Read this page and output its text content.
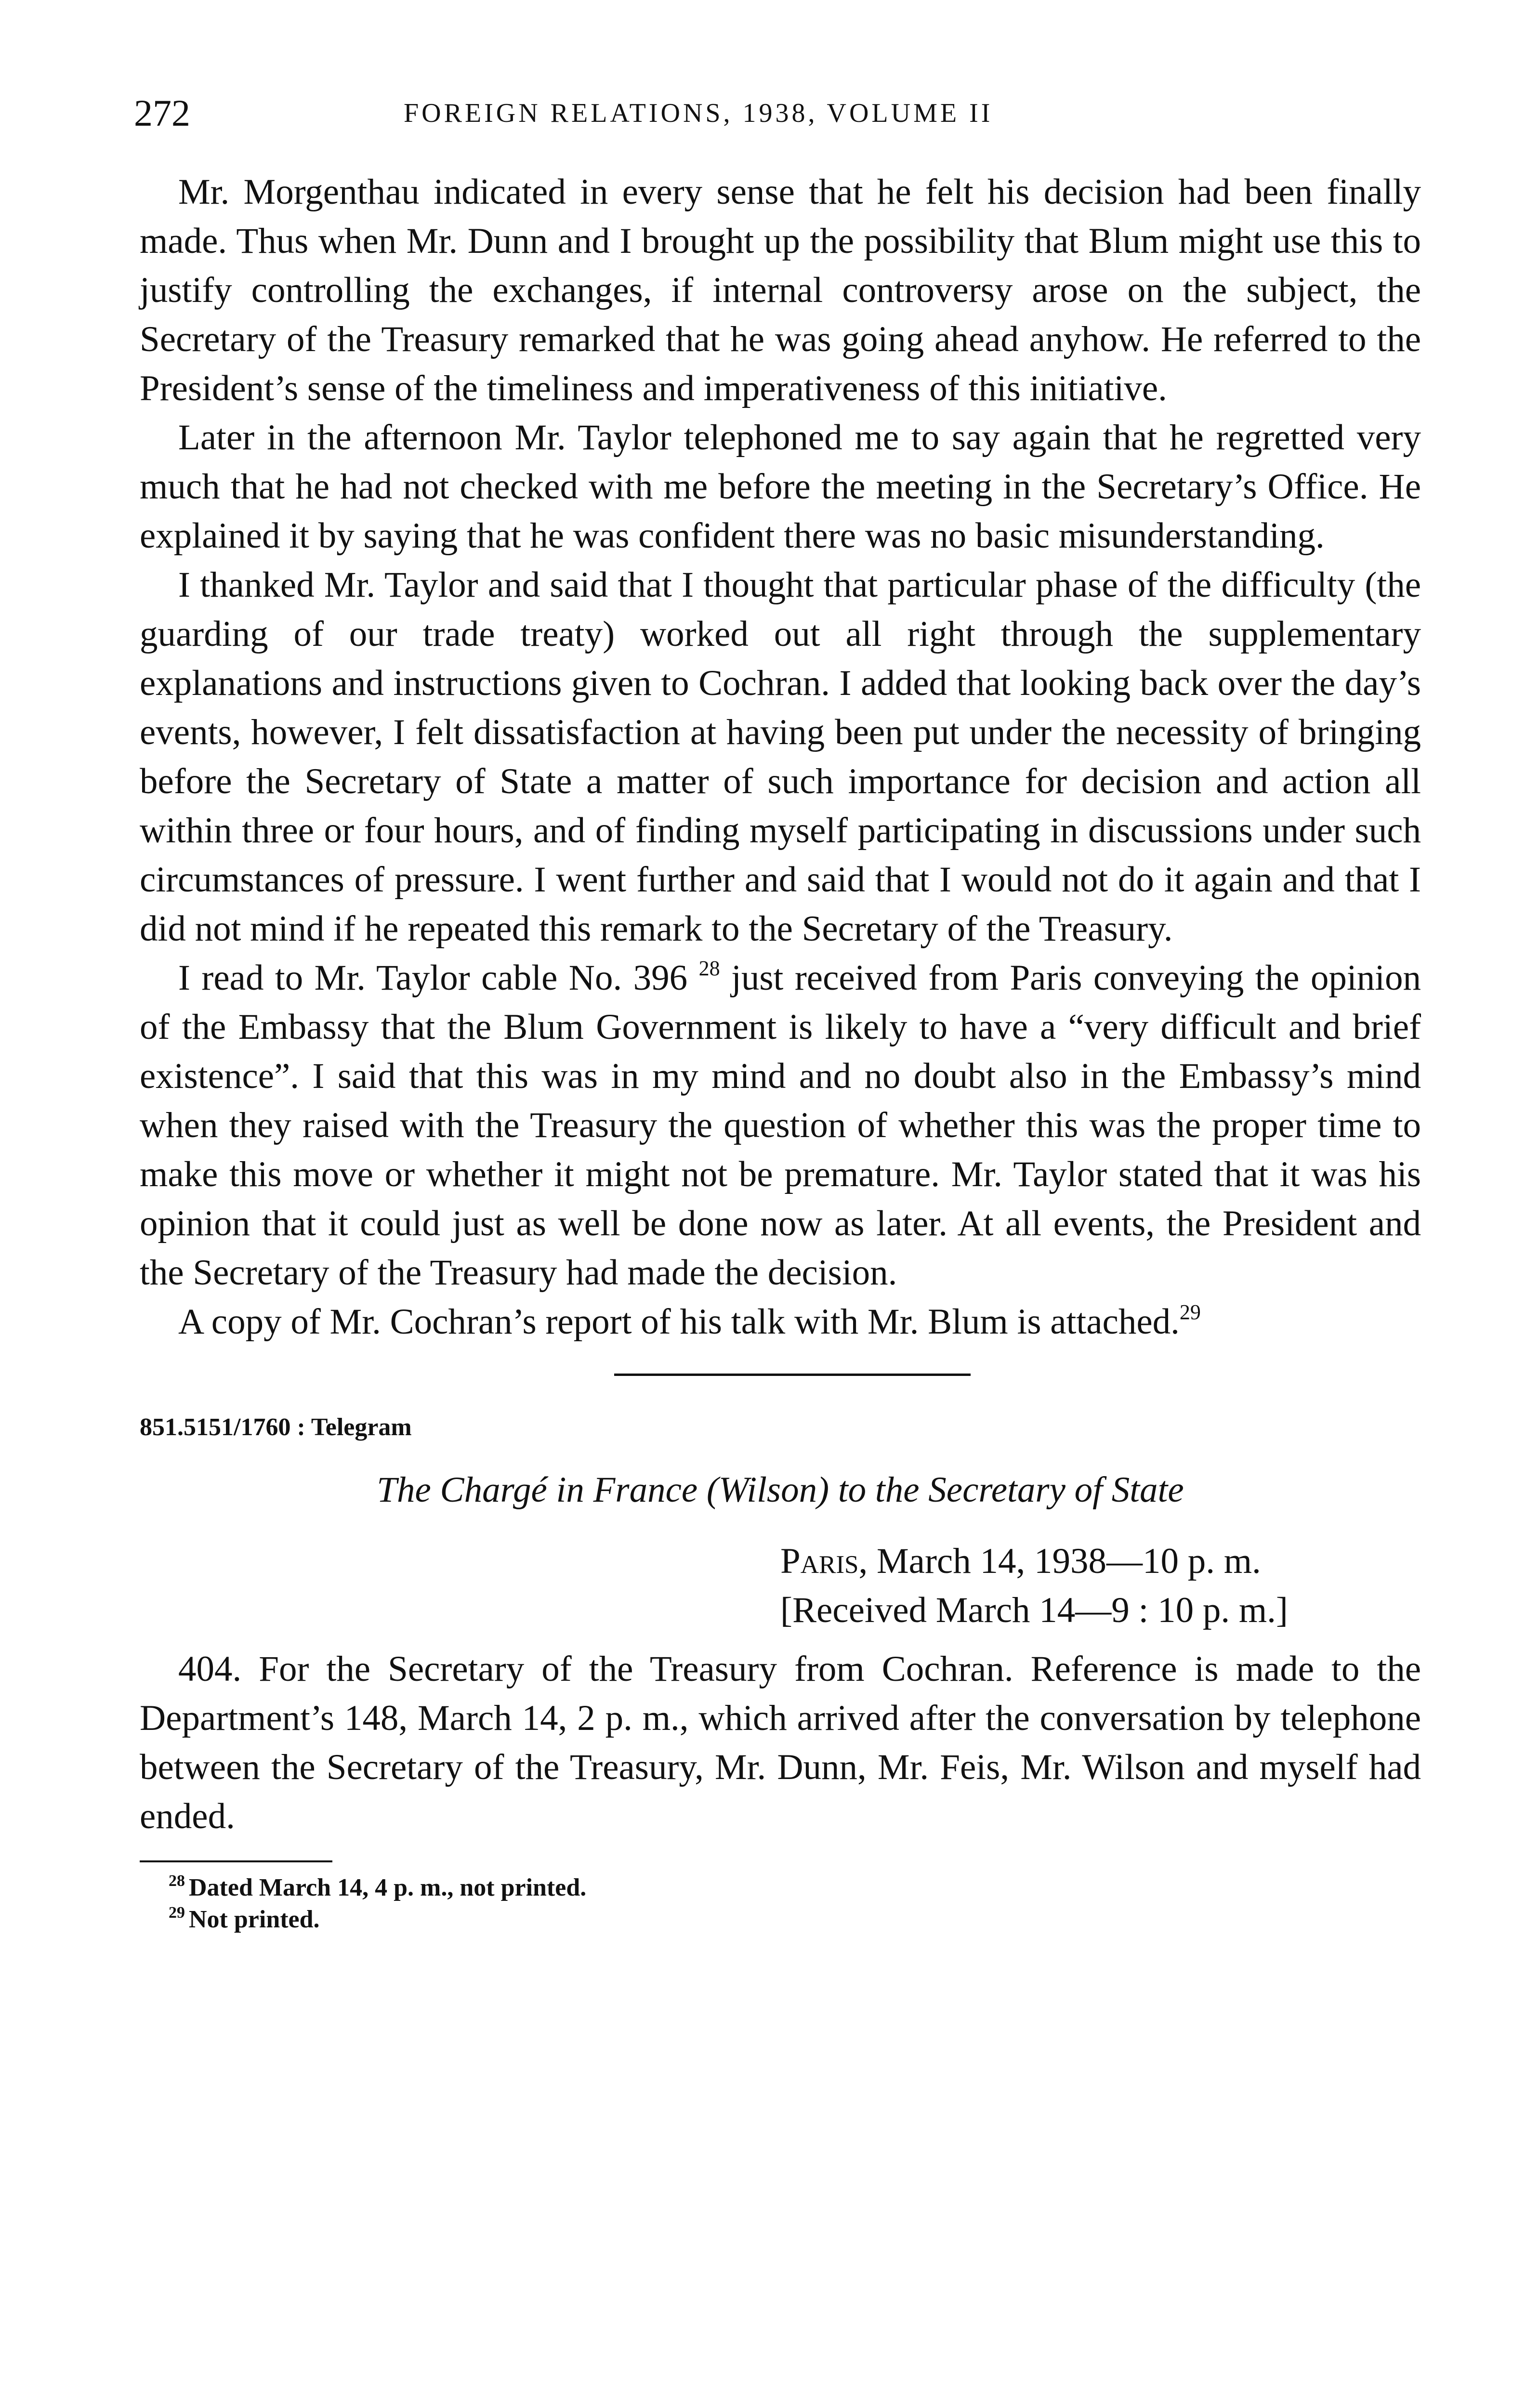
272	FOREIGN RELATIONS, 1938, VOLUME II

Mr. Morgenthau indicated in every sense that he felt his decision had been finally made. Thus when Mr. Dunn and I brought up the possibility that Blum might use this to justify controlling the exchanges, if internal controversy arose on the subject, the Secretary of the Treasury remarked that he was going ahead anyhow. He referred to the President’s sense of the timeliness and imperativeness of this initiative.

Later in the afternoon Mr. Taylor telephoned me to say again that he regretted very much that he had not checked with me before the meeting in the Secretary’s Office. He explained it by saying that he was confident there was no basic misunderstanding.

I thanked Mr. Taylor and said that I thought that particular phase of the difficulty (the guarding of our trade treaty) worked out all right through the supplementary explanations and instructions given to Cochran. I added that looking back over the day’s events, however, I felt dissatisfaction at having been put under the necessity of bringing before the Secretary of State a matter of such importance for decision and action all within three or four hours, and of finding myself participating in discussions under such circumstances of pressure. I went further and said that I would not do it again and that I did not mind if he repeated this remark to the Secretary of the Treasury.

I read to Mr. Taylor cable No. 396 $^{28}$ just received from Paris conveying the opinion of the Embassy that the Blum Government is likely to have a “very difficult and brief existence”. I said that this was in my mind and no doubt also in the Embassy’s mind when they raised with the Treasury the question of whether this was the proper time to make this move or whether it might not be premature. Mr. Taylor stated that it was his opinion that it could just as well be done now as later. At all events, the President and the Secretary of the Treasury had made the decision.

A copy of Mr. Cochran’s report of his talk with Mr. Blum is attached.$^{29}$

851.5151/1760 : Telegram

The Chargé in France (Wilson) to the Secretary of State

Paris, March 14, 1938—10 p. m.

[Received March 14—9 : 10 p. m.]

404. For the Secretary of the Treasury from Cochran. Reference is made to the Department’s 148, March 14, 2 p. m., which arrived after the conversation by telephone between the Secretary of the Treasury, Mr. Dunn, Mr. Feis, Mr. Wilson and myself had ended.

$^{28}$ Dated March 14, 4 p. m., not printed.

$^{29}$ Not printed.
